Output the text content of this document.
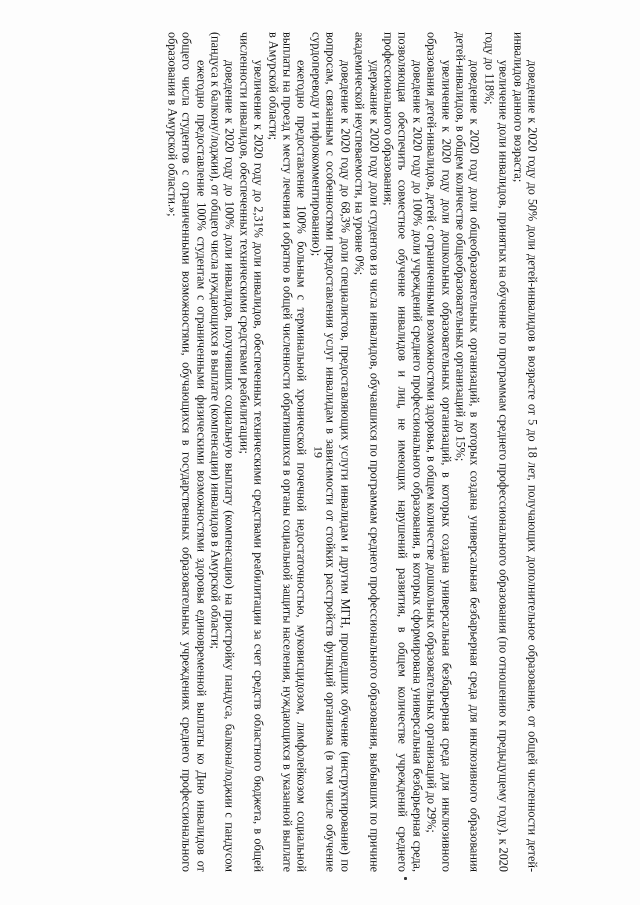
19	доведение к 2020 году до 50% доли детей-инвалидов в возрасте от 5 до 18 лет, получающих дополнительное образование, от общей численности детей-инвалидов данного возраста;

увеличение доли инвалидов, принятых на обучение по программам среднего профессионального образования (по отношению к предыдущему году), к 2020 году до 118%;

доведение к 2020 году доли общеобразовательных организаций, в которых создана универсальная безбарьерная среда для инклюзивного образования детей-инвалидов, в общем количестве общеобразовательных организаций до 15%;

увеличение к 2020 году доли дошкольных образовательных организаций, в которых создана универсальная безбарьерная среда для инклюзивного образования детей-инвалидов, детей с ограниченными возможностями здоровья, в общем количестве дошкольных образовательных организаций до 29%;

доведение к 2020 году до 100% доли учреждений среднего профессионального образования, в которых сформирована универсальная безбарьерная среда, позволяющая обеспечить совместное обучение инвалидов и лиц, не имеющих нарушений развития, в общем количестве учреждений среднего профессионального образования;

удержание к 2020 году доли студентов из числа инвалидов, обучавшихся по программам среднего профессионального образования, выбывших по причине академической неуспеваемости, на уровне 0%;

доведение к 2020 году до 68,3% доли специалистов, предоставляющих услуги инвалидам и другим МГН, прошедших обучение (инструктирование) по вопросам, связанным с особенностями предоставления услуг инвалидам в зависимости от стойких расстройств функций организма (в том числе обучение сурдопереводу и тифлокомментированию);

ежегодно предоставление 100% больным с терминальной хронической почечной недостаточностью, муковисцидозом, лимфолейкозом социальной выплаты на проезд к месту лечения и обратно в общей численности обратившихся в органы социальной защиты населения, нуждающихся в указанной выплате в Амурской области;

увеличение к 2020 году до 2,31% доли инвалидов, обеспеченных техническими средствами реабилитации за счет средств областного бюджета, в общей численности инвалидов, обеспеченных техническими средствами реабилитации;

доведение к 2020 году до 100% доли инвалидов, получивших социальную выплату (компенсацию) на пристройку пандуса, балкона/лоджии с пандусом (пандуса к балкону/лоджии), от общего числа нуждающихся в выплате (компенсации) инвалидов в Амурской области;

ежегодно предоставление 100% студентам с ограниченными физическими возможностями здоровья единовременной выплаты ко Дню инвалидов от общего числа студентов с ограниченными возможностями, обучающихся в государственных образовательных учреждениях среднего профессионального образования в Амурской области.»;
